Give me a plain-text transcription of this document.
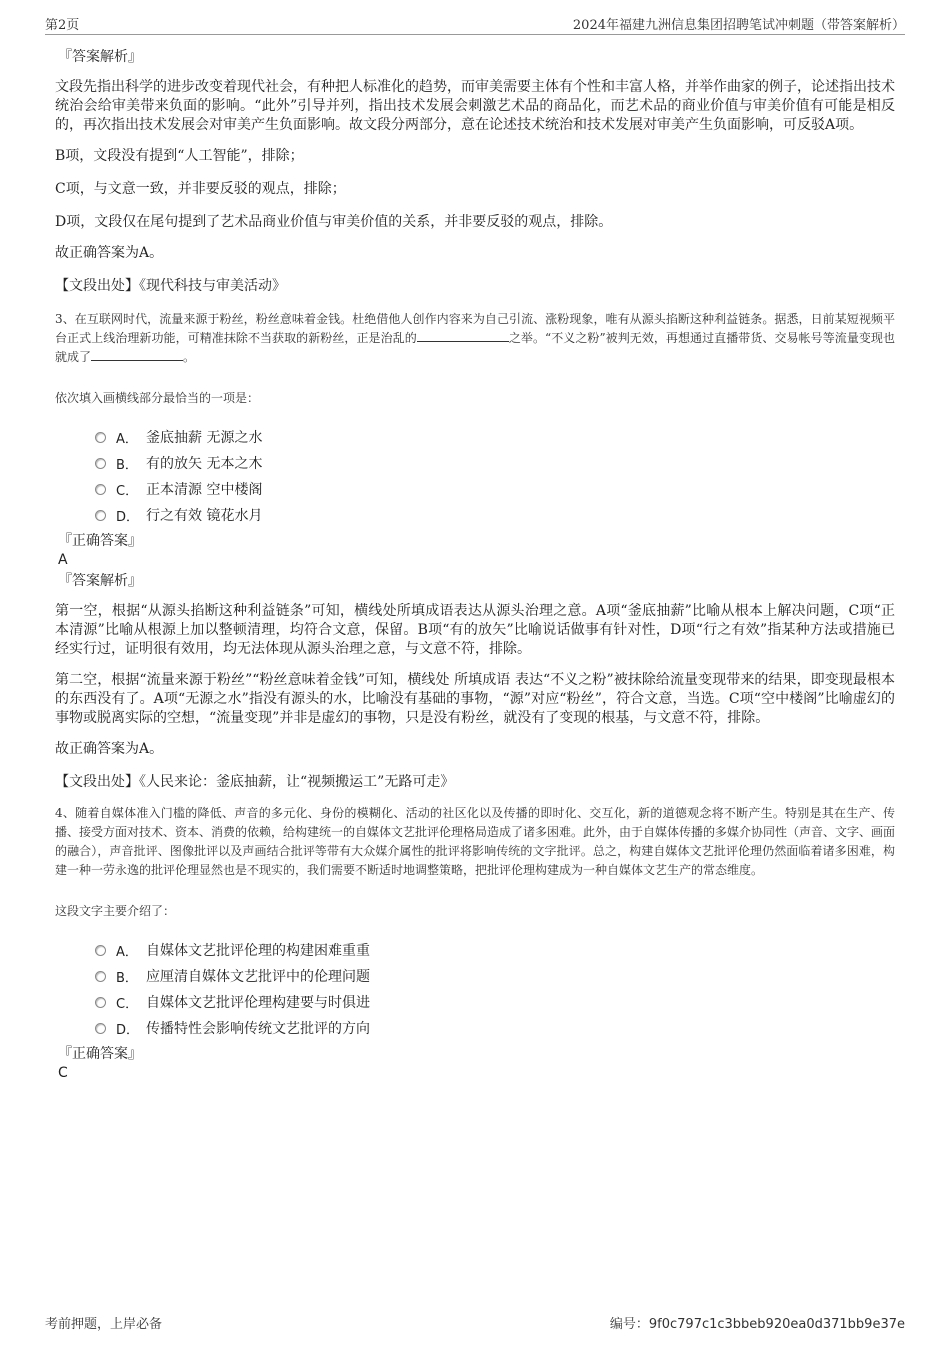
第2页	2024年福建九洲信息集团招聘笔试冲刺题（带答案解析）
『答案解析』

文段先指出科学的进步改变着现代社会，有种把人标准化的趋势，而审美需要主体有个性和丰富人格，并举作曲家的例子，论述指出技术统治会给审美带来负面的影响。“此外”引导并列，指出技术发展会刺激艺术品的商品化，而艺术品的商业价值与审美价值有可能是相反的，再次指出技术发展会对审美产生负面影响。故文段分两部分，意在论述技术统治和技术发展对审美产生负面影响，可反驳A项。

B项，文段没有提到“人工智能”，排除；

C项，与文意一致，并非要反驳的观点，排除；

D项，文段仅在尾句提到了艺术品商业价值与审美价值的关系，并非要反驳的观点，排除。

故正确答案为A。

【文段出处】《现代科技与审美活动》

3、在互联网时代，流量来源于粉丝，粉丝意味着金钱。杜绝借他人创作内容来为自己引流、涨粉现象，唯有从源头掐断这种利益链条。据悉，日前某短视频平台正式上线治理新功能，可精准抹除不当获取的新粉丝，正是治乱的	之举。“不义之粉”被判无效，再想通过直播带货、交易帐号等流量变现也就成了	。

依次填入画横线部分最恰当的一项是：

A． 釜底抽薪 无源之水
B． 有的放矢 无本之木
C． 正本清源 空中楼阁
D． 行之有效 镜花水月
『正确答案』
A
『答案解析』

第一空，根据“从源头掐断这种利益链条”可知，横线处所填成语表达从源头治理之意。A项“釜底抽薪”比喻从根本上解决问题，C项“正本清源”比喻从根源上加以整顿清理，均符合文意，保留。B项“有的放矢”比喻说话做事有针对性，D项“行之有效”指某种方法或措施已经实行过，证明很有效用，均无法体现从源头治理之意，与文意不符，排除。

第二空，根据“流量来源于粉丝”“粉丝意味着金钱”可知，横线处 所填成语 表达“不义之粉”被抹除给流量变现带来的结果，即变现最根本的东西没有了。A项“无源之水”指没有源头的水，比喻没有基础的事物，“源”对应“粉丝”，符合文意，当选。C项“空中楼阁”比喻虚幻的事物或脱离实际的空想，“流量变现”并非是虚幻的事物，只是没有粉丝，就没有了变现的根基，与文意不符，排除。

故正确答案为A。

【文段出处】《人民来论：釜底抽薪，让“视频搬运工”无路可走》

4、随着自媒体准入门槛的降低、声音的多元化、身份的模糊化、活动的社区化以及传播的即时化、交互化，新的道德观念将不断产生。特别是其在生产、传播、接受方面对技术、资本、消费的依赖，给构建统一的自媒体文艺批评伦理格局造成了诸多困难。此外，由于自媒体传播的多媒介协同性（声音、文字、画面的融合），声音批评、图像批评以及声画结合批评等带有大众媒介属性的批评将影响传统的文字批评。总之，构建自媒体文艺批评伦理仍然面临着诸多困难，构建一种一劳永逸的批评伦理显然也是不现实的，我们需要不断适时地调整策略，把批评伦理构建成为一种自媒体文艺生产的常态维度。

这段文字主要介绍了：

A． 自媒体文艺批评伦理的构建困难重重
B． 应厘清自媒体文艺批评中的伦理问题
C． 自媒体文艺批评伦理构建要与时俱进
D． 传播特性会影响传统文艺批评的方向
『正确答案』
C
考前押题，上岸必备	编号：9f0c797c1c3bbeb920ea0d371bb9e37e
